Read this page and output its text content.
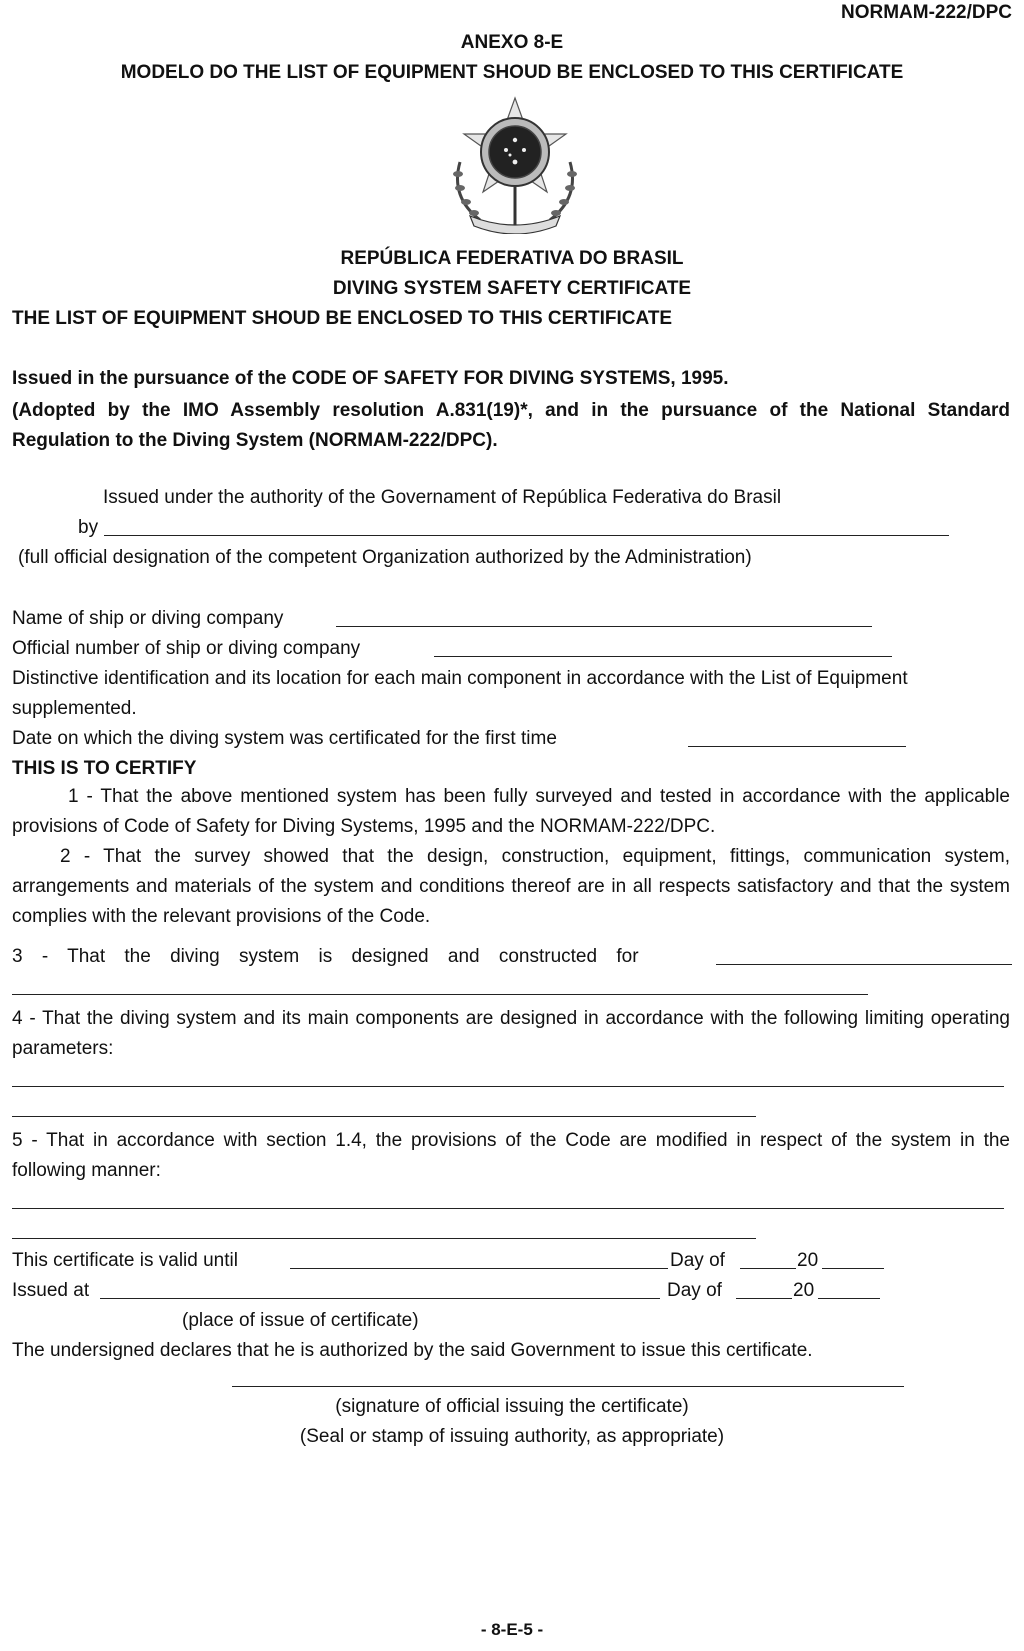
NORMAM-222/DPC
ANEXO 8-E
MODELO DO THE LIST OF EQUIPMENT SHOUD BE ENCLOSED TO THIS CERTIFICATE
REPÚBLICA FEDERATIVA DO BRASIL
DIVING SYSTEM SAFETY CERTIFICATE
THE LIST OF EQUIPMENT SHOUD BE ENCLOSED TO THIS CERTIFICATE
Issued in the pursuance of the CODE OF SAFETY FOR DIVING SYSTEMS, 1995.
(Adopted by the IMO Assembly resolution A.831(19)*, and in the pursuance of the National Standard Regulation to the Diving System (NORMAM-222/DPC).
Issued under the authority of the Governament of República Federativa do Brasil
by
(full official designation of the competent Organization authorized by the Administration)
Name of ship or diving company
Official number of ship or diving company
Distinctive identification and its location for each main component in accordance with the List of Equipment supplemented.
Date on which the diving system was certificated for the first time
THIS IS TO CERTIFY
1 - That the above mentioned system has been fully surveyed and tested in accordance with the applicable provisions of Code of Safety for Diving Systems, 1995 and the NORMAM-222/DPC.
2 - That the survey showed that the design, construction, equipment, fittings, communication system, arrangements and materials of the system and conditions thereof are in all respects satisfactory and that the system complies with the relevant provisions of the Code.
3 - That the diving system is designed and constructed for
4 - That the diving system and its main components are designed in accordance with the following limiting operating parameters:
5 - That in accordance with section 1.4, the provisions of the Code are modified in respect of the system in the following manner:
This certificate is valid until	Day of	20
Issued at	Day of	20
(place of issue of certificate)
The undersigned declares that he is authorized by the said Government to issue this certificate.
(signature of official issuing the certificate)
(Seal or stamp of issuing authority, as appropriate)
- 8-E-5 -
